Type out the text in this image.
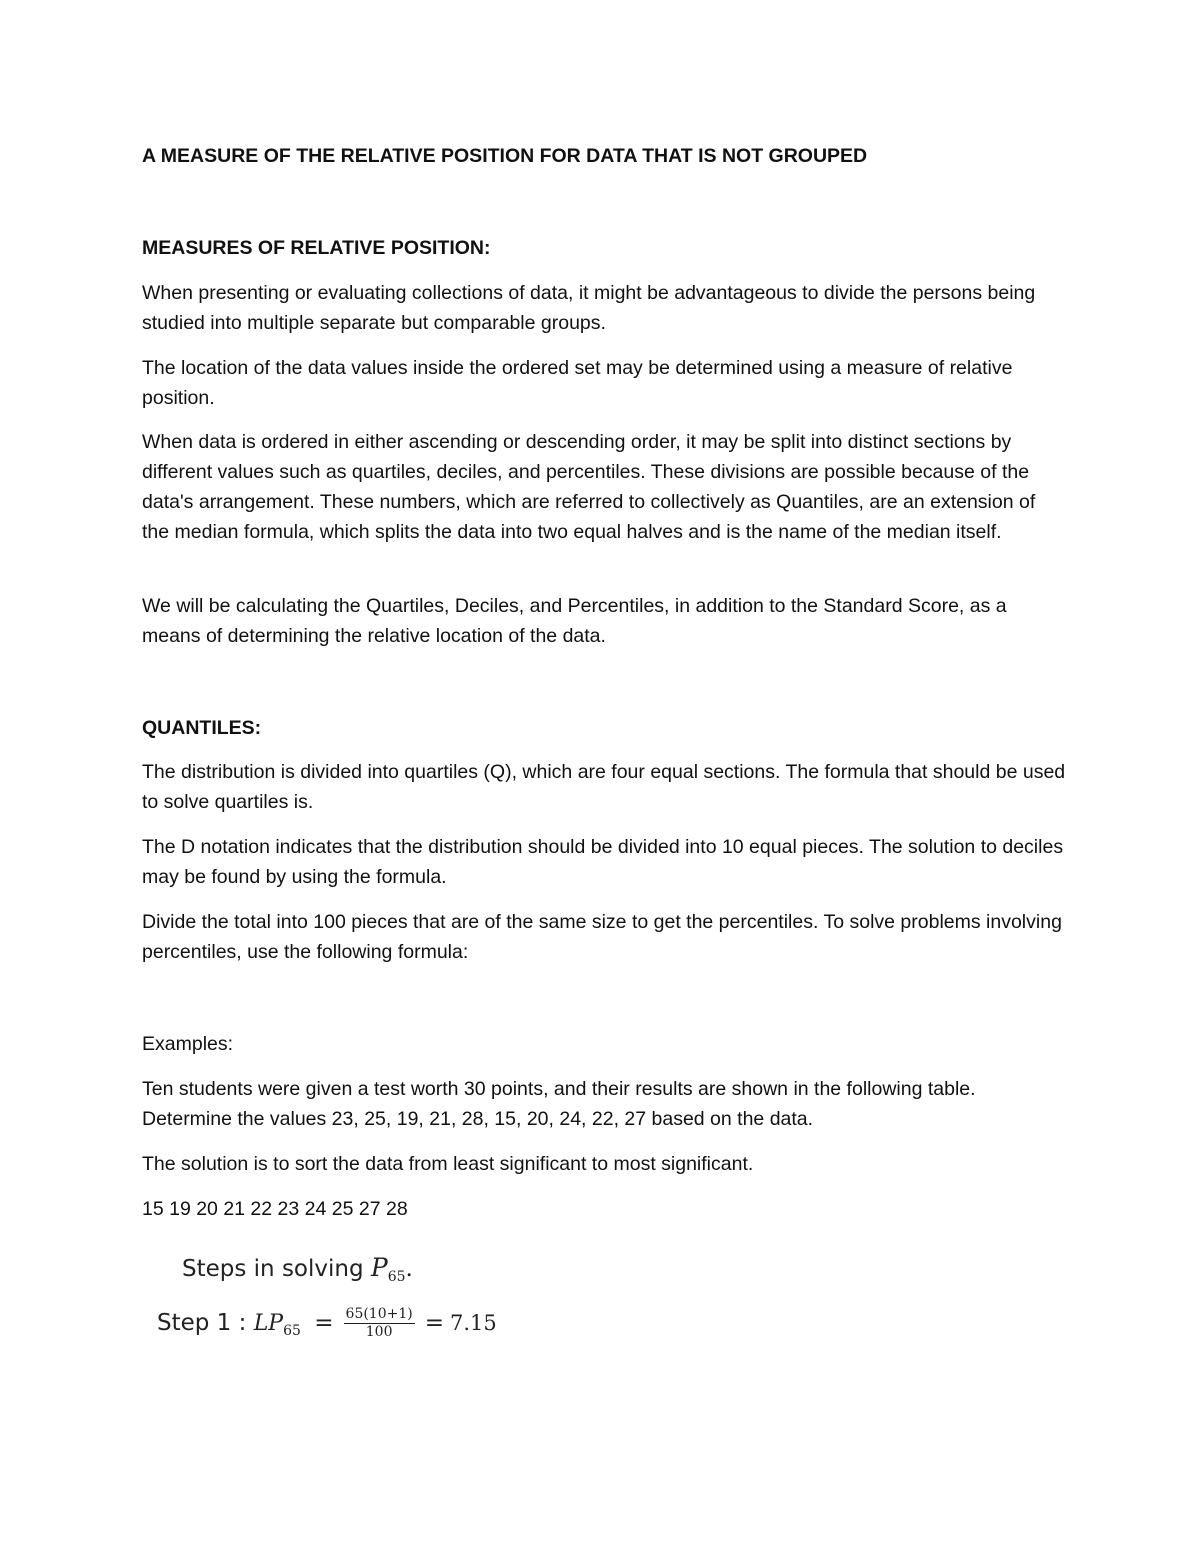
A MEASURE OF THE RELATIVE POSITION FOR DATA THAT IS NOT GROUPED
MEASURES OF RELATIVE POSITION:
When presenting or evaluating collections of data, it might be advantageous to divide the persons being studied into multiple separate but comparable groups.
The location of the data values inside the ordered set may be determined using a measure of relative position.
When data is ordered in either ascending or descending order, it may be split into distinct sections by different values such as quartiles, deciles, and percentiles. These divisions are possible because of the data's arrangement. These numbers, which are referred to collectively as Quantiles, are an extension of the median formula, which splits the data into two equal halves and is the name of the median itself.
We will be calculating the Quartiles, Deciles, and Percentiles, in addition to the Standard Score, as a means of determining the relative location of the data.
QUANTILES:
The distribution is divided into quartiles (Q), which are four equal sections. The formula that should be used to solve quartiles is.
The D notation indicates that the distribution should be divided into 10 equal pieces. The solution to deciles may be found by using the formula.
Divide the total into 100 pieces that are of the same size to get the percentiles. To solve problems involving percentiles, use the following formula:
Examples:
Ten students were given a test worth 30 points, and their results are shown in the following table. Determine the values 23, 25, 19, 21, 28, 15, 20, 24, 22, 27 based on the data.
The solution is to sort the data from least significant to most significant.
15 19 20 21 22 23 24 25 27 28
Steps in solving $P_{65}$.
Step 1 : $LP_{65} = \frac{65(10+1)}{100} = 7.15$
